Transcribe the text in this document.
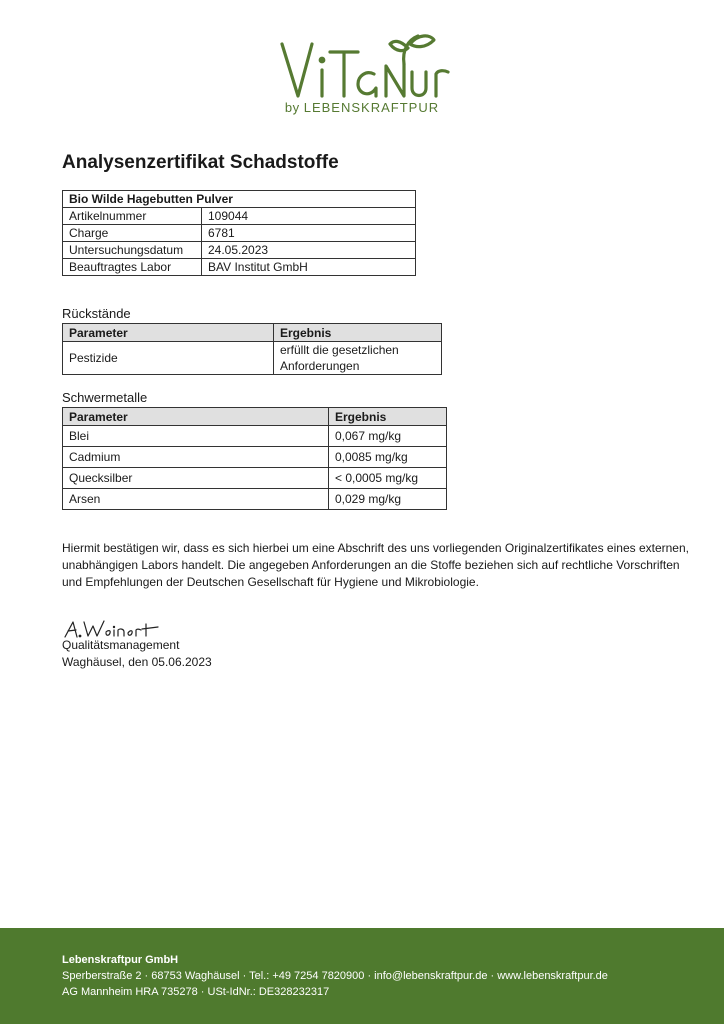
by LEBENSKRAFTPUR
Analysenzertifikat Schadstoffe
Bio Wilde Hagebutten Pulver	
Artikelnummer	109044
Charge	6781
Untersuchungsdatum	24.05.2023
Beauftragtes Labor	BAV Institut GmbH
Rückstände
Parameter	Ergebnis
Pestizide	erfüllt die gesetzlichen
Anforderungen
Schwermetalle
Parameter	Ergebnis
Blei	0,067 mg/kg
Cadmium	0,0085 mg/kg
Quecksilber	< 0,0005 mg/kg
Arsen	0,029 mg/kg

Hiermit bestätigen wir, dass es sich hierbei um eine Abschrift des uns vorliegenden Originalzertifikates eines externen, unabhängigen Labors handelt. Die angegeben Anforderungen an die Stoffe beziehen sich auf rechtliche Vorschriften und Empfehlungen der Deutschen Gesellschaft für Hygiene und Mikrobiologie.

Qualitätsmanagement
Waghäusel, den 05.06.2023
Lebenskraftpur GmbH
Sperberstraße 2 · 68753 Waghäusel · Tel.: +49 7254 7820900 · info@lebenskraftpur.de · www.lebenskraftpur.de
AG Mannheim HRA 735278 · USt-IdNr.: DE328232317
